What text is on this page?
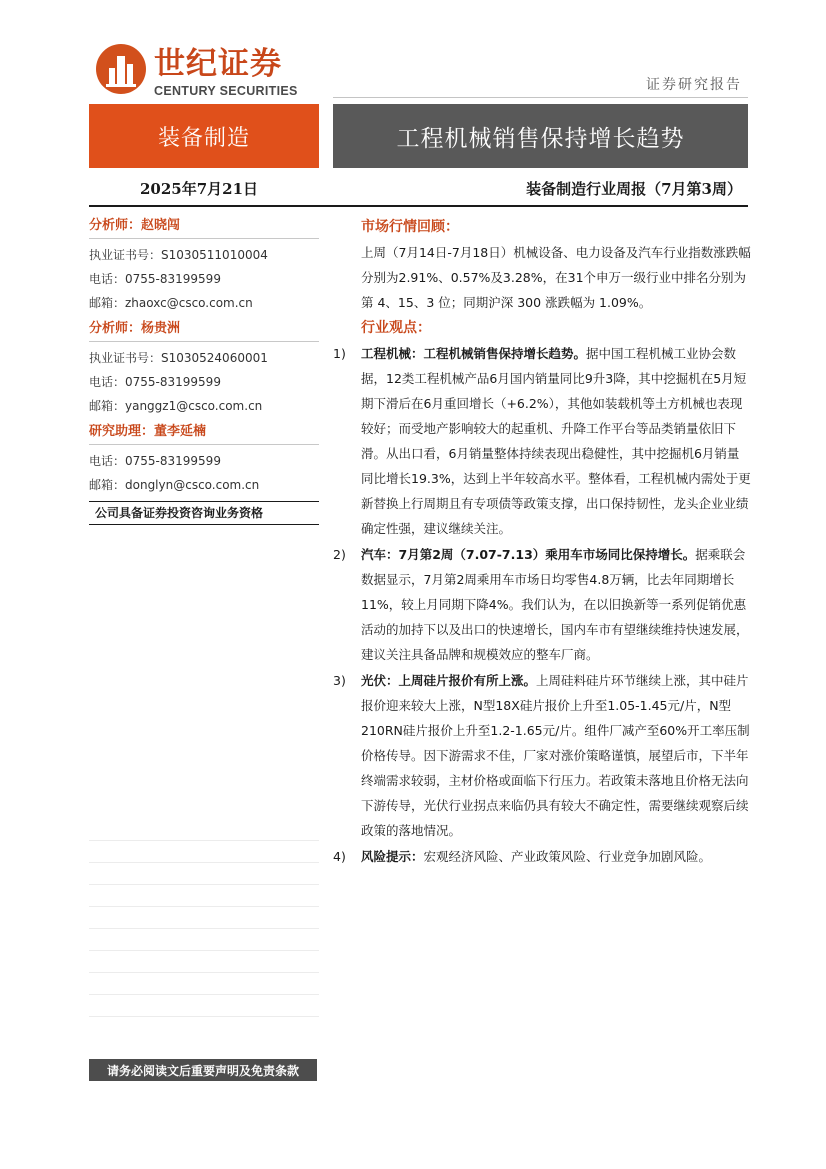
世纪证券
CENTURY SECURITIES	证券研究报告
装备制造	工程机械销售保持增长趋势
2025年7月21日	装备制造行业周报（7月第3周）
分析师：赵晓闯
执业证书号：S1030511010004
电话：0755-83199599
邮箱：zhaoxc@csco.com.cn
分析师：杨贵洲
执业证书号：S1030524060001
电话：0755-83199599
邮箱：yanggz1@csco.com.cn
研究助理：董李延楠
电话：0755-83199599
邮箱：donglyn@csco.com.cn
公司具备证券投资咨询业务资格
请务必阅读文后重要声明及免责条款
市场行情回顾：
上周（7月14日-7月18日）机械设备、电力设备及汽车行业指数涨跌幅分别为2.91%、0.57%及3.28%，在31个申万一级行业中排名分别为第 4、15、3 位；同期沪深 300 涨跌幅为 1.09%。
行业观点：
1) 工程机械：工程机械销售保持增长趋势。据中国工程机械工业协会数据，12类工程机械产品6月国内销量同比9升3降，其中挖掘机在5月短期下滑后在6月重回增长（+6.2%），其他如装载机等土方机械也表现较好；而受地产影响较大的起重机、升降工作平台等品类销量依旧下滑。从出口看，6月销量整体持续表现出稳健性，其中挖掘机6月销量同比增长19.3%，达到上半年较高水平。整体看，工程机械内需处于更新替换上行周期且有专项债等政策支撑，出口保持韧性，龙头企业业绩确定性强，建议继续关注。
2) 汽车：7月第2周（7.07-7.13）乘用车市场同比保持增长。据乘联会数据显示，7月第2周乘用车市场日均零售4.8万辆，比去年同期增长11%，较上月同期下降4%。我们认为，在以旧换新等一系列促销优惠活动的加持下以及出口的快速增长，国内车市有望继续维持快速发展，建议关注具备品牌和规模效应的整车厂商。
3) 光伏：上周硅片报价有所上涨。上周硅料硅片环节继续上涨，其中硅片报价迎来较大上涨，N型18X硅片报价上升至1.05-1.45元/片，N型210RN硅片报价上升至1.2-1.65元/片。组件厂减产至60%开工率压制价格传导。因下游需求不佳，厂家对涨价策略谨慎，展望后市，下半年终端需求较弱，主材价格或面临下行压力。若政策未落地且价格无法向下游传导，光伏行业拐点来临仍具有较大不确定性，需要继续观察后续政策的落地情况。
4) 风险提示：宏观经济风险、产业政策风险、行业竞争加剧风险。
